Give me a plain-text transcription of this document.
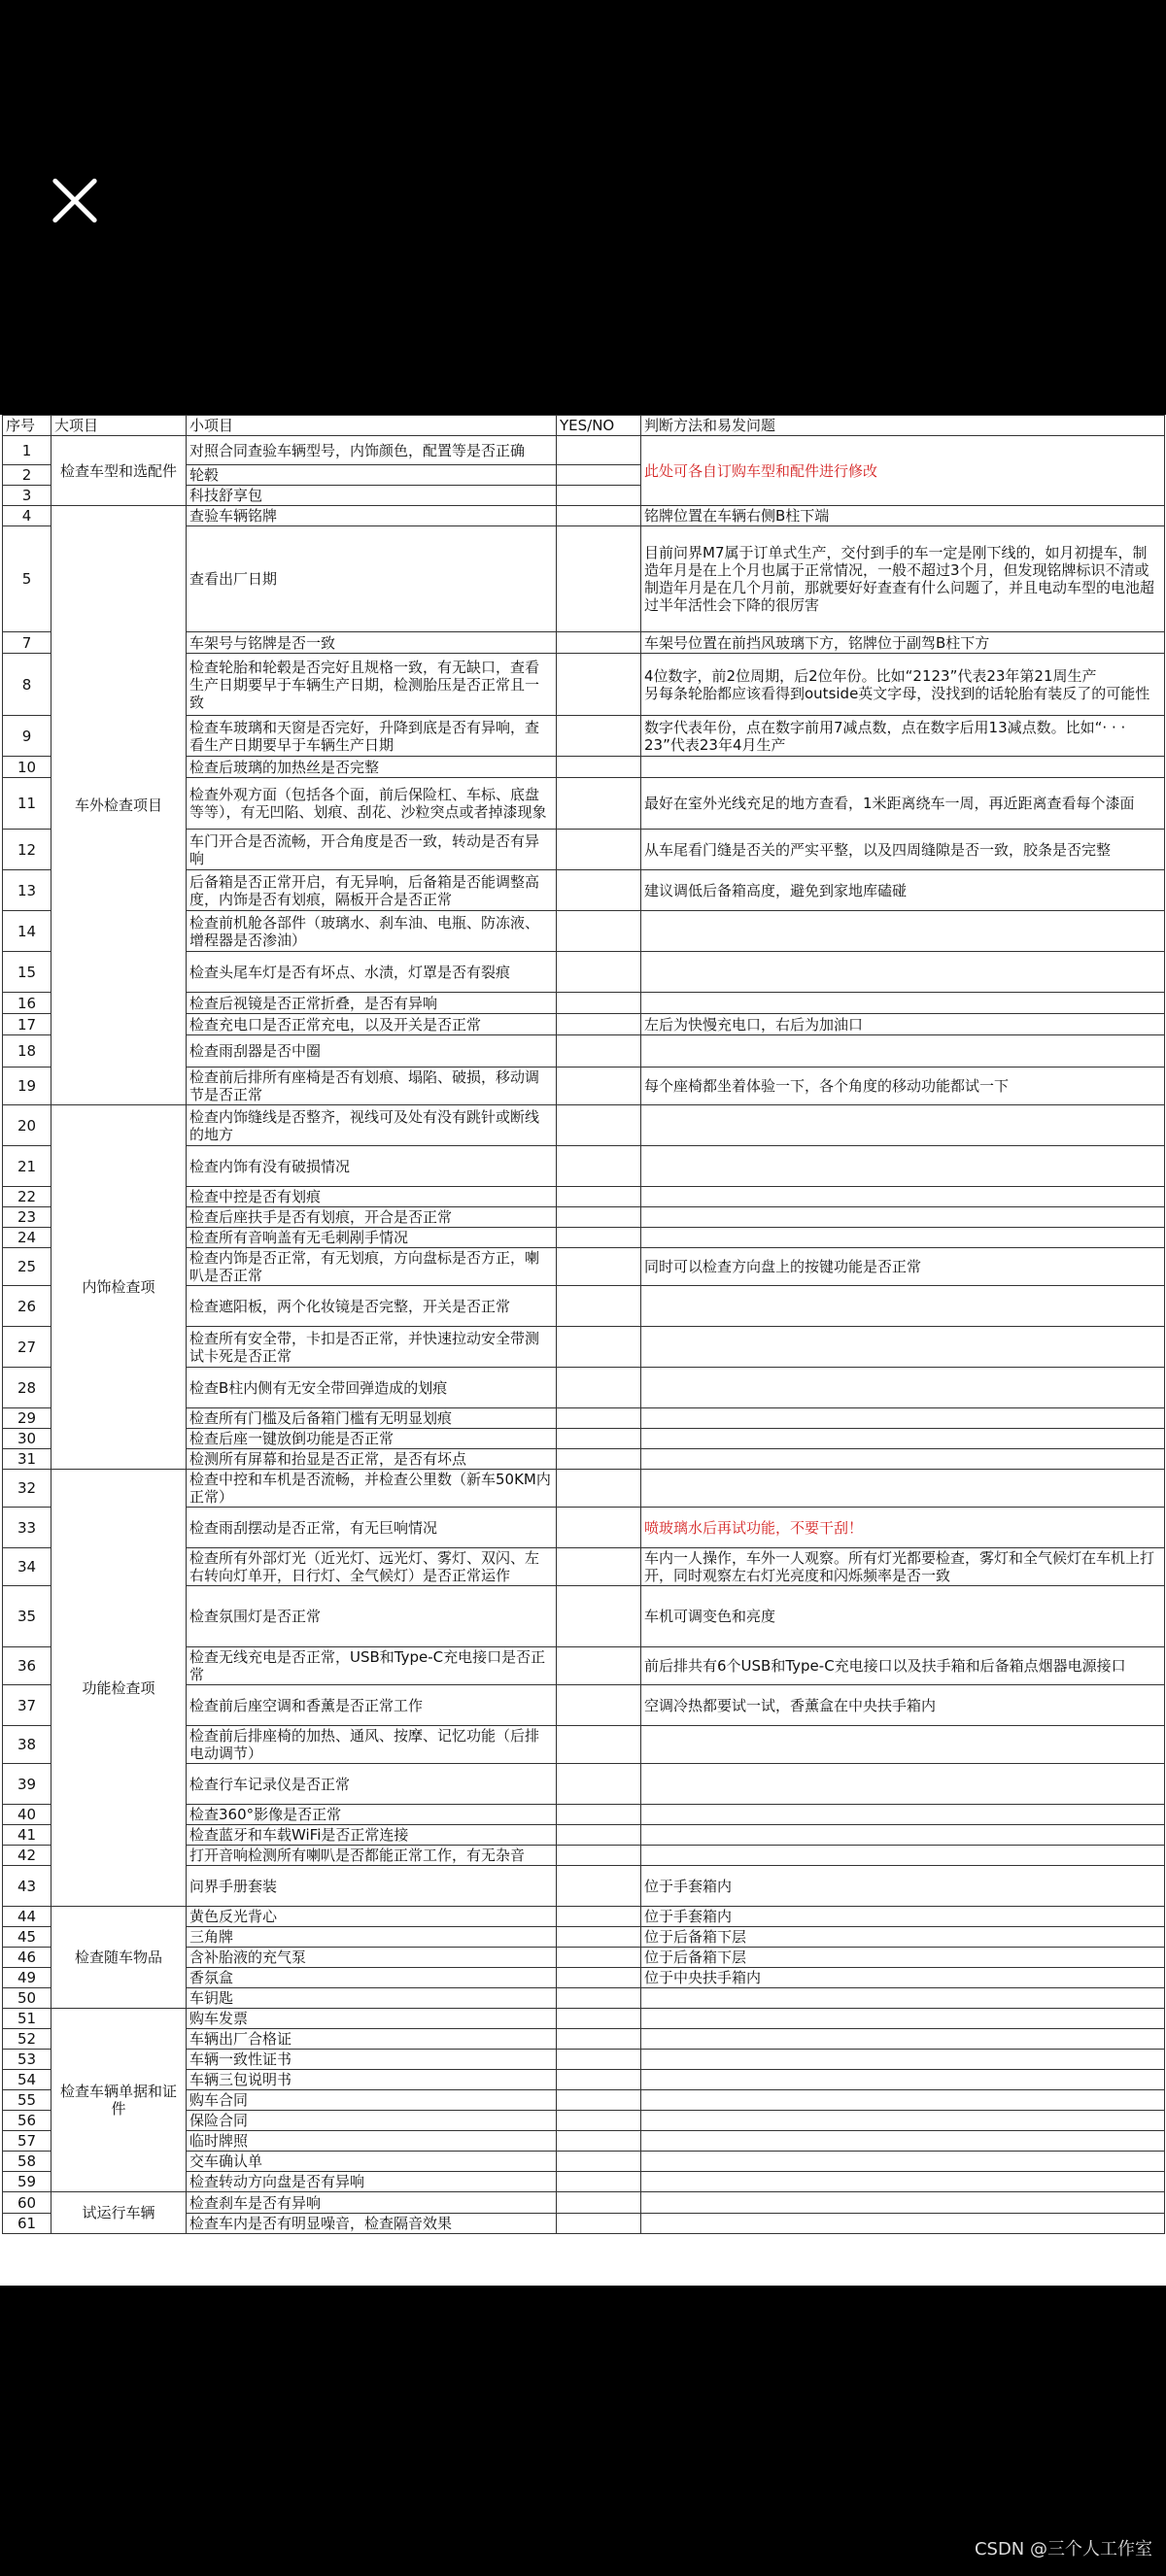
序号	大项目	小项目	YES/NO	判断方法和易发问题
1	检查车型和选配件	对照合同查验车辆型号，内饰颜色，配置等是否正确		此处可各自订购车型和配件进行修改
2		轮毂		
3		科技舒享包		
4	车外检查项目	查验车辆铭牌		铭牌位置在车辆右侧B柱下端
5		查看出厂日期		目前问界M7属于订单式生产，交付到手的车一定是刚下线的，如月初提车，制造年月是在上个月也属于正常情况，一般不超过3个月，但发现铭牌标识不清或制造年月是在几个月前，那就要好好查查有什么问题了，并且电动车型的电池超过半年活性会下降的很厉害
7		车架号与铭牌是否一致		车架号位置在前挡风玻璃下方，铭牌位于副驾B柱下方
8		检查轮胎和轮毂是否完好且规格一致，有无缺口，查看生产日期要早于车辆生产日期，检测胎压是否正常且一致		4位数字，前2位周期，后2位年份。比如“2123”代表23年第21周生产
另每条轮胎都应该看得到outside英文字母，没找到的话轮胎有装反了的可能性
9		检查车玻璃和天窗是否完好，升降到底是否有异响，查看生产日期要早于车辆生产日期		数字代表年份，点在数字前用7减点数，点在数字后用13减点数。比如“· · · 23”代表23年4月生产
10		检查后玻璃的加热丝是否完整		
11		检查外观方面（包括各个面，前后保险杠、车标、底盘等等），有无凹陷、划痕、刮花、沙粒突点或者掉漆现象		最好在室外光线充足的地方查看，1米距离绕车一周，再近距离查看每个漆面
12		车门开合是否流畅，开合角度是否一致，转动是否有异响		从车尾看门缝是否关的严实平整，以及四周缝隙是否一致，胶条是否完整
13		后备箱是否正常开启，有无异响，后备箱是否能调整高度，内饰是否有划痕，隔板开合是否正常		建议调低后备箱高度，避免到家地库磕碰
14		检查前机舱各部件（玻璃水、刹车油、电瓶、防冻液、增程器是否渗油）		
15		检查头尾车灯是否有坏点、水渍，灯罩是否有裂痕		
16		检查后视镜是否正常折叠，是否有异响		
17		检查充电口是否正常充电，以及开关是否正常		左后为快慢充电口，右后为加油口
18		检查雨刮器是否中圈		
19		检查前后排所有座椅是否有划痕、塌陷、破损，移动调节是否正常		每个座椅都坐着体验一下，各个角度的移动功能都试一下
20	内饰检查项	检查内饰缝线是否整齐，视线可及处有没有跳针或断线的地方		
21		检查内饰有没有破损情况		
22		检查中控是否有划痕		
23		检查后座扶手是否有划痕，开合是否正常		
24		检查所有音响盖有无毛刺剐手情况		
25		检查内饰是否正常，有无划痕，方向盘标是否方正，喇叭是否正常		同时可以检查方向盘上的按键功能是否正常
26		检查遮阳板，两个化妆镜是否完整，开关是否正常		
27		检查所有安全带，卡扣是否正常，并快速拉动安全带测试卡死是否正常		
28		检查B柱内侧有无安全带回弹造成的划痕		
29		检查所有门槛及后备箱门槛有无明显划痕		
30		检查后座一键放倒功能是否正常		
31		检测所有屏幕和抬显是否正常，是否有坏点		
32	功能检查项	检查中控和车机是否流畅，并检查公里数（新车50KM内正常）		
33		检查雨刮摆动是否正常，有无巨响情况		喷玻璃水后再试功能，不要干刮！
34		检查所有外部灯光（近光灯、远光灯、雾灯、双闪、左右转向灯单开，日行灯、全气候灯）是否正常运作		车内一人操作，车外一人观察。所有灯光都要检查，雾灯和全气候灯在车机上打开，同时观察左右灯光亮度和闪烁频率是否一致
35		检查氛围灯是否正常		车机可调变色和亮度
36		检查无线充电是否正常，USB和Type-C充电接口是否正常		前后排共有6个USB和Type-C充电接口以及扶手箱和后备箱点烟器电源接口
37		检查前后座空调和香薰是否正常工作		空调冷热都要试一试，香薰盒在中央扶手箱内
38		检查前后排座椅的加热、通风、按摩、记忆功能（后排电动调节）		
39		检查行车记录仪是否正常		
40		检查360°影像是否正常		
41		检查蓝牙和车载WiFi是否正常连接		
42		打开音响检测所有喇叭是否都能正常工作，有无杂音		
43		问界手册套装		位于手套箱内
44	检查随车物品	黄色反光背心		位于手套箱内
45		三角牌		位于后备箱下层
46		含补胎液的充气泵		位于后备箱下层
49		香氛盒		位于中央扶手箱内
50		车钥匙		
51	检查车辆单据和证件	购车发票		
52		车辆出厂合格证		
53		车辆一致性证书		
54		车辆三包说明书		
55		购车合同		
56		保险合同		
57		临时牌照		
58		交车确认单		
59		检查转动方向盘是否有异响		
60	试运行车辆	检查刹车是否有异响		
61		检查车内是否有明显噪音，检查隔音效果		
CSDN @三个人工作室
